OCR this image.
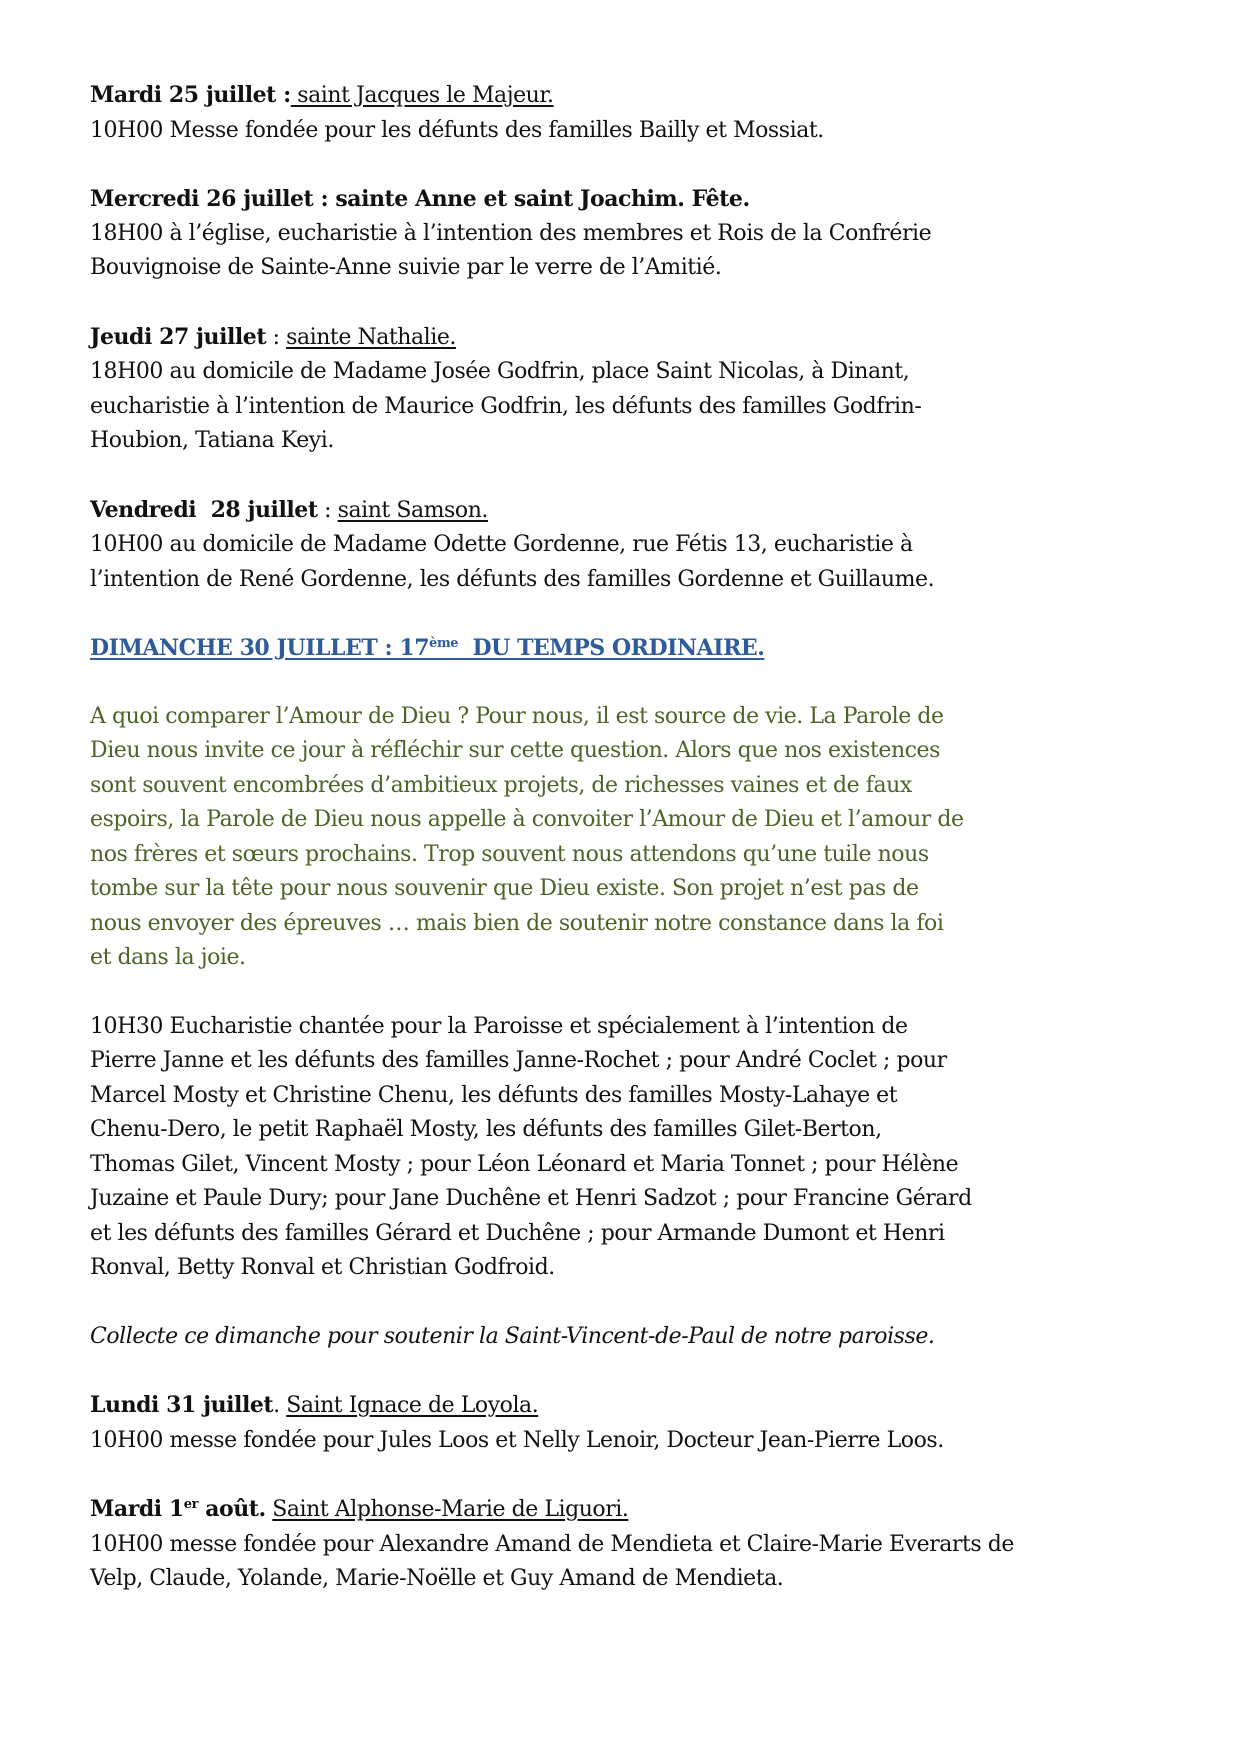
Mardi 25 juillet : saint Jacques le Majeur.
10H00 Messe fondée pour les défunts des familles Bailly et Mossiat.
Mercredi 26 juillet : sainte Anne et saint Joachim. Fête.
18H00 à l’église, eucharistie à l’intention des membres et Rois de la Confrérie
Bouvignoise de Sainte-Anne suivie par le verre de l’Amitié.
Jeudi 27 juillet : sainte Nathalie.
18H00 au domicile de Madame Josée Godfrin, place Saint Nicolas, à Dinant,
eucharistie à l’intention de Maurice Godfrin, les défunts des familles Godfrin-
Houbion, Tatiana Keyi.
Vendredi  28 juillet : saint Samson.
10H00 au domicile de Madame Odette Gordenne, rue Fétis 13, eucharistie à
l’intention de René Gordenne, les défunts des familles Gordenne et Guillaume.
DIMANCHE 30 JUILLET : 17ème  DU TEMPS ORDINAIRE.
A quoi comparer l’Amour de Dieu ? Pour nous, il est source de vie. La Parole de
Dieu nous invite ce jour à réfléchir sur cette question. Alors que nos existences
sont souvent encombrées d’ambitieux projets, de richesses vaines et de faux
espoirs, la Parole de Dieu nous appelle à convoiter l’Amour de Dieu et l’amour de
nos frères et sœurs prochains. Trop souvent nous attendons qu’une tuile nous
tombe sur la tête pour nous souvenir que Dieu existe. Son projet n’est pas de
nous envoyer des épreuves … mais bien de soutenir notre constance dans la foi
et dans la joie.
10H30 Eucharistie chantée pour la Paroisse et spécialement à l’intention de
Pierre Janne et les défunts des familles Janne-Rochet ; pour André Coclet ; pour
Marcel Mosty et Christine Chenu, les défunts des familles Mosty-Lahaye et
Chenu-Dero, le petit Raphaël Mosty, les défunts des familles Gilet-Berton,
Thomas Gilet, Vincent Mosty ; pour Léon Léonard et Maria Tonnet ; pour Hélène
Juzaine et Paule Dury; pour Jane Duchêne et Henri Sadzot ; pour Francine Gérard
et les défunts des familles Gérard et Duchêne ; pour Armande Dumont et Henri
Ronval, Betty Ronval et Christian Godfroid.
Collecte ce dimanche pour soutenir la Saint-Vincent-de-Paul de notre paroisse.
Lundi 31 juillet. Saint Ignace de Loyola.
10H00 messe fondée pour Jules Loos et Nelly Lenoir, Docteur Jean-Pierre Loos.
Mardi 1er août. Saint Alphonse-Marie de Liguori.
10H00 messe fondée pour Alexandre Amand de Mendieta et Claire-Marie Everarts de
Velp, Claude, Yolande, Marie-Noëlle et Guy Amand de Mendieta.
